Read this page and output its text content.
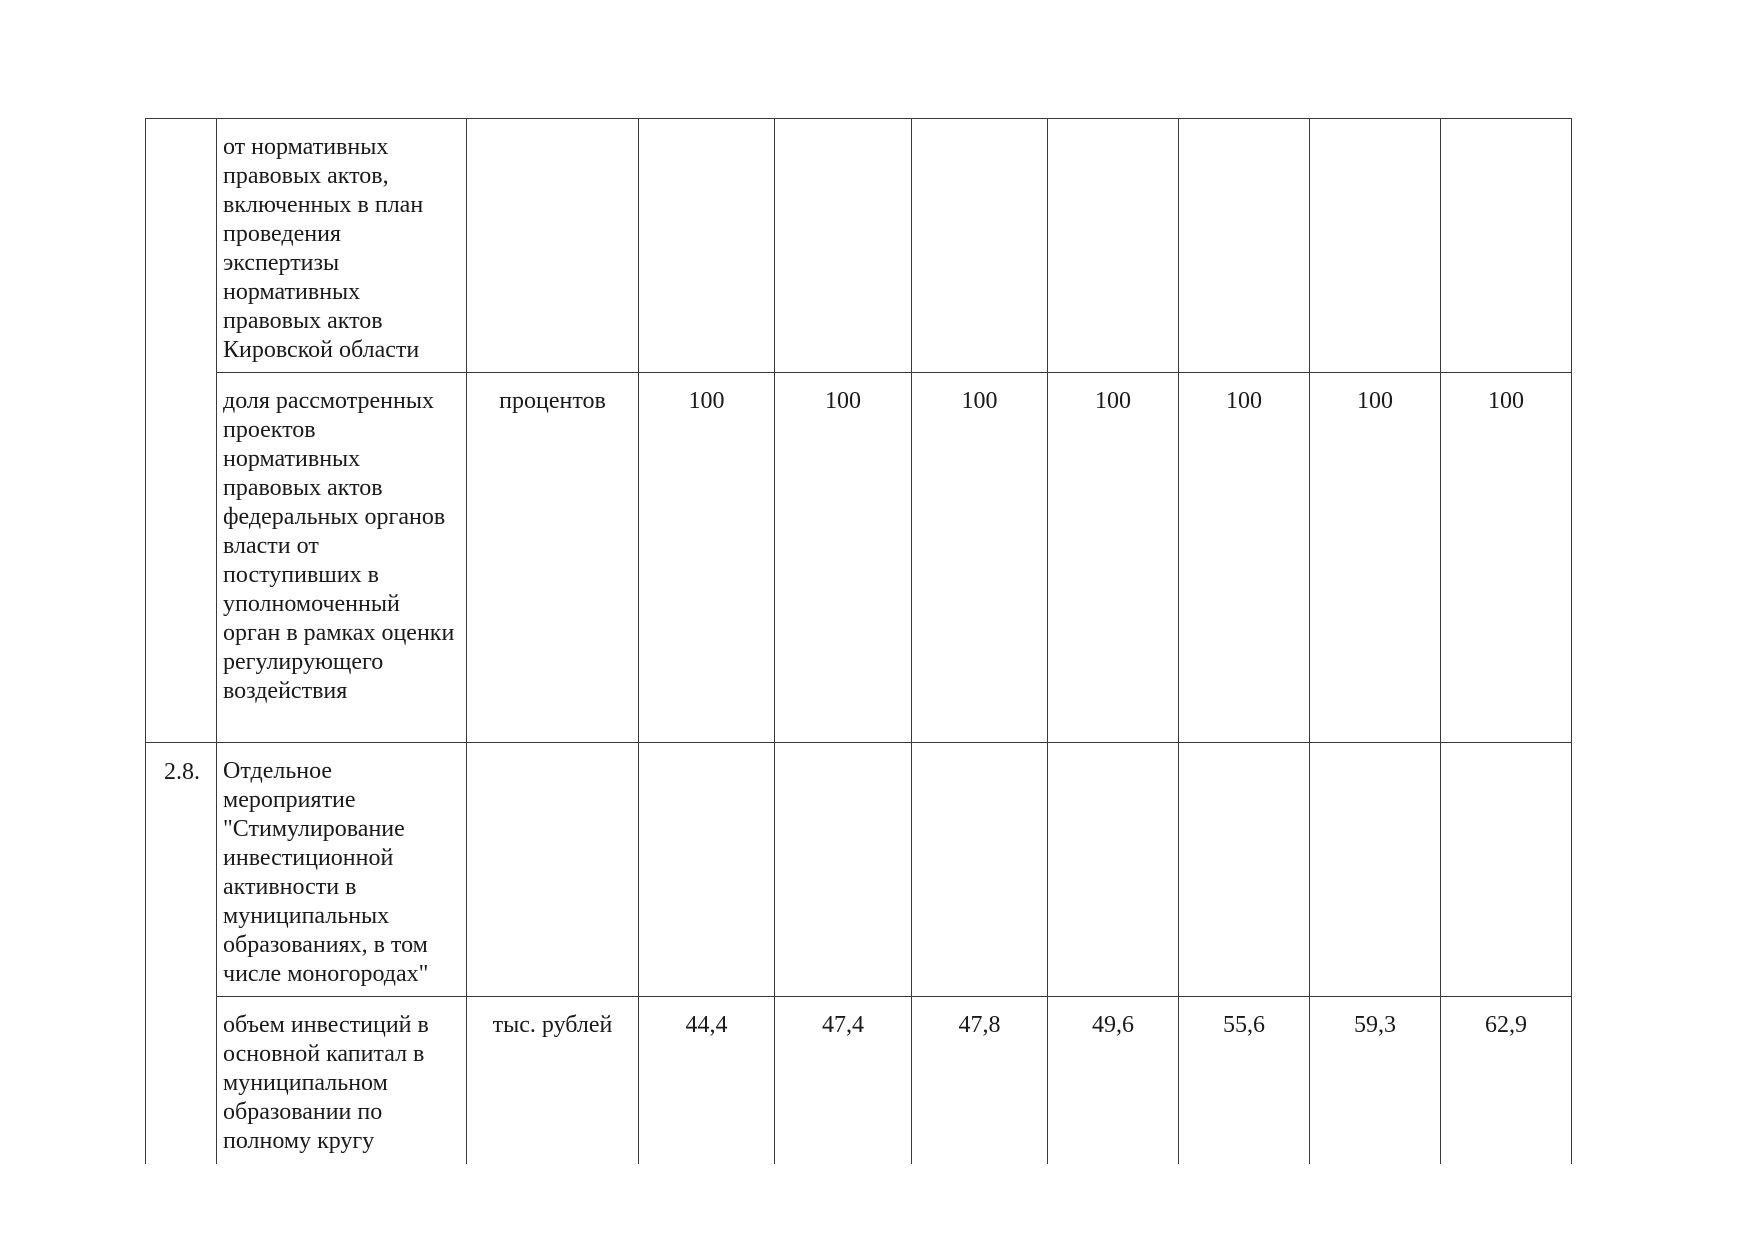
	от нормативных правовых актов, включенных в план проведения экспертизы нормативных правовых актов Кировской области								
	доля рассмотренных проектов нормативных правовых актов федеральных органов власти от поступивших в уполномоченный орган в рамках оценки регулирующего воздействия	процентов	100	100	100	100	100	100	100
2.8.	Отдельное мероприятие "Стимулирование инвестиционной активности в муниципальных образованиях, в том числе моногородах"								
	объем инвестиций в основной капитал в муниципальном образовании по полному кругу	тыс. рублей	44,4	47,4	47,8	49,6	55,6	59,3	62,9
